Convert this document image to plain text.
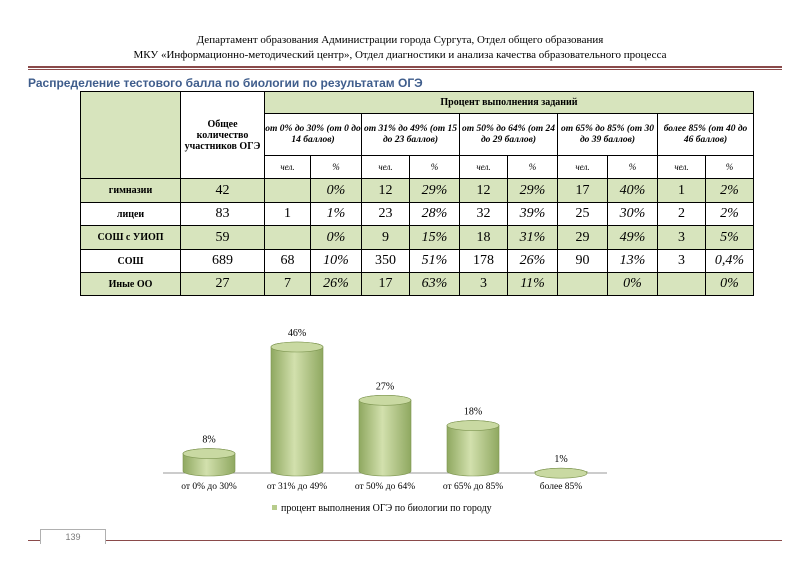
Департамент образования Администрации города Сургута, Отдел общего образования
МКУ «Информационно-методический центр», Отдел диагностики и анализа качества образовательного процесса
Распределение тестового балла по биологии по результатам ОГЭ
	Общее количество участников ОГЭ	Процент выполнения заданий									
		от 0% до 30% (от 0 до 14 баллов)		от 31% до 49% (от 15 до 23 баллов)		от 50% до 64% (от 24 до 29 баллов)		от 65% до 85% (от 30 до 39 баллов)		более 85% (от 40 до 46 баллов)	
		чел.	%	чел.	%	чел.	%	чел.	%	чел.	%
гимназии	42		0%	12	29%	12	29%	17	40%	1	2%
лицеи	83	1	1%	23	28%	32	39%	25	30%	2	2%
СОШ с УИОП	59		0%	9	15%	18	31%	29	49%	3	5%
СОШ	689	68	10%	350	51%	178	26%	90	13%	3	0,4%
Иные ОО	27	7	26%	17	63%	3	11%		0%		0%
8%
от 0% до 30%
46%
от 31% до 49%
27%
от 50% до 64%
18%
от 65% до 85%
1%
более 85%
процент выполнения ОГЭ по биологии по городу
139
